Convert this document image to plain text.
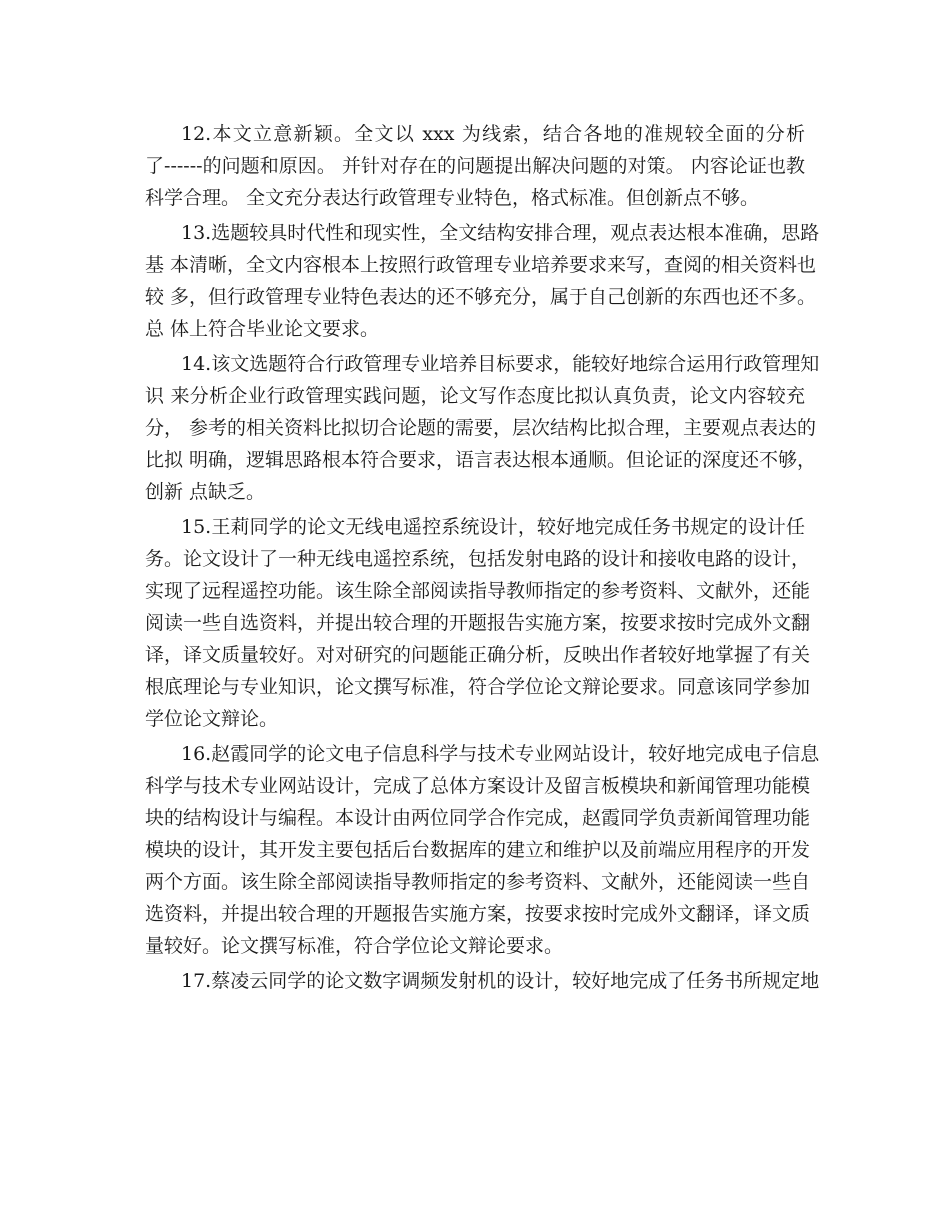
12.本文立意新颖。全文以 xxx 为线索，结合各地的准规较全面的分析
了------的问题和原因。 并针对存在的问题提出解决问题的对策。 内容论证也教
科学合理。 全文充分表达行政管理专业特色，格式标准。但创新点不够。
13.选题较具时代性和现实性，全文结构安排合理，观点表达根本准确，思路
基 本清晰，全文内容根本上按照行政管理专业培养要求来写，查阅的相关资料也
较 多，但行政管理专业特色表达的还不够充分，属于自己创新的东西也还不多。
总 体上符合毕业论文要求。
14.该文选题符合行政管理专业培养目标要求，能较好地综合运用行政管理知
识 来分析企业行政管理实践问题，论文写作态度比拟认真负责，论文内容较充
分， 参考的相关资料比拟切合论题的需要，层次结构比拟合理，主要观点表达的
比拟 明确，逻辑思路根本符合要求，语言表达根本通顺。但论证的深度还不够，
创新 点缺乏。
15.王莉同学的论文无线电遥控系统设计，较好地完成任务书规定的设计任
务。论文设计了一种无线电遥控系统，包括发射电路的设计和接收电路的设计，
实现了远程遥控功能。该生除全部阅读指导教师指定的参考资料、文献外，还能
阅读一些自选资料，并提出较合理的开题报告实施方案，按要求按时完成外文翻
译，译文质量较好。对对研究的问题能正确分析，反映出作者较好地掌握了有关
根底理论与专业知识，论文撰写标准，符合学位论文辩论要求。同意该同学参加
学位论文辩论。
16.赵霞同学的论文电子信息科学与技术专业网站设计，较好地完成电子信息
科学与技术专业网站设计，完成了总体方案设计及留言板模块和新闻管理功能模
块的结构设计与编程。本设计由两位同学合作完成，赵霞同学负责新闻管理功能
模块的设计，其开发主要包括后台数据库的建立和维护以及前端应用程序的开发
两个方面。该生除全部阅读指导教师指定的参考资料、文献外，还能阅读一些自
选资料，并提出较合理的开题报告实施方案，按要求按时完成外文翻译，译文质
量较好。论文撰写标准，符合学位论文辩论要求。
17.蔡凌云同学的论文数字调频发射机的设计，较好地完成了任务书所规定地
